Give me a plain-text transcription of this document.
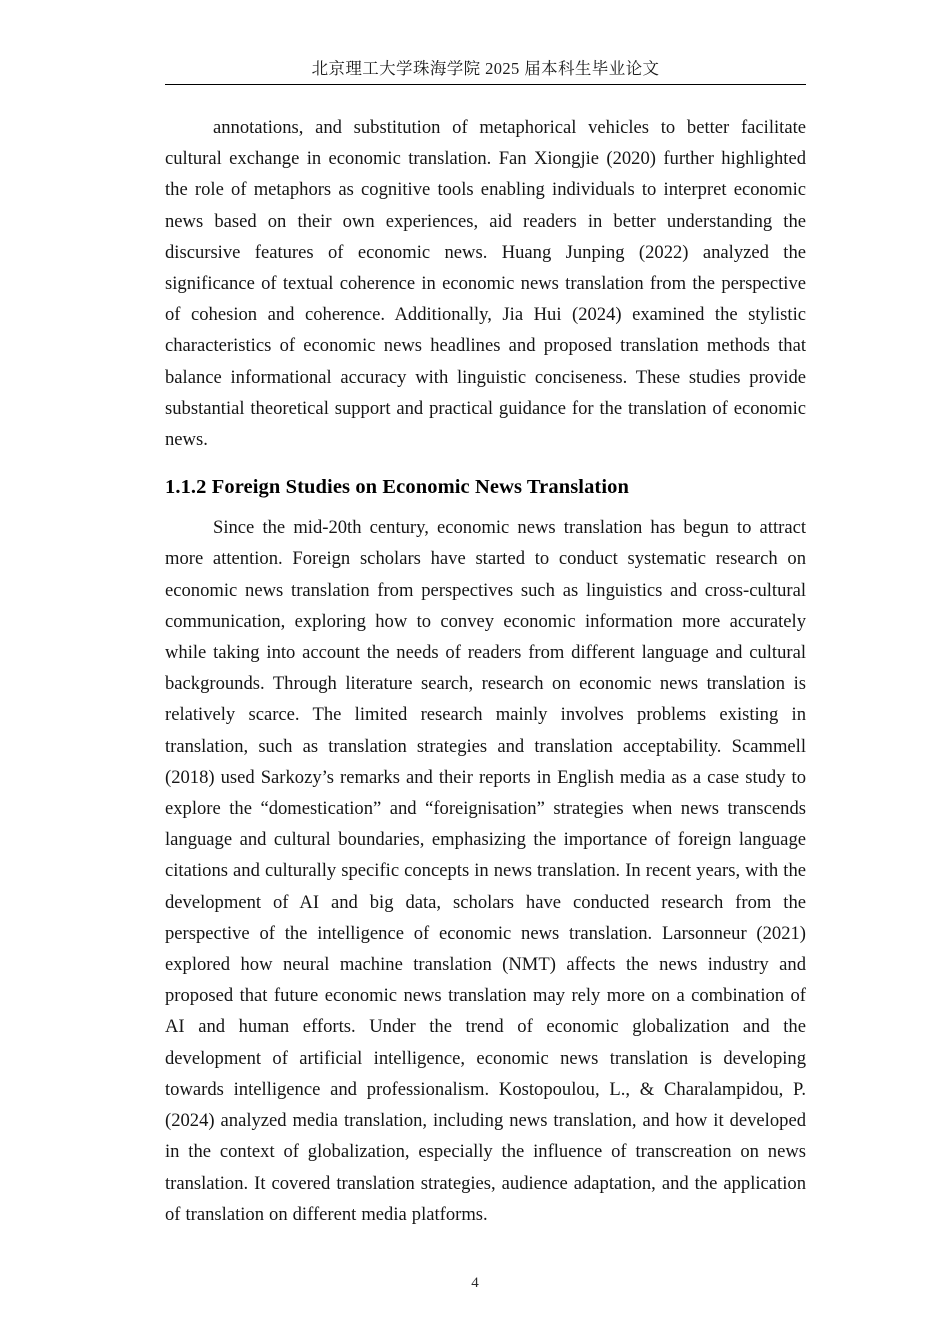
北京理工大学珠海学院 2025 届本科生毕业论文

annotations, and substitution of metaphorical vehicles to better facilitate cultural exchange in economic translation. Fan Xiongjie (2020) further highlighted the role of metaphors as cognitive tools enabling individuals to interpret economic news based on their own experiences, aid readers in better understanding the discursive features of economic news. Huang Junping (2022) analyzed the significance of textual coherence in economic news translation from the perspective of cohesion and coherence. Additionally, Jia Hui (2024) examined the stylistic characteristics of economic news headlines and proposed translation methods that balance informational accuracy with linguistic conciseness. These studies provide substantial theoretical support and practical guidance for the translation of economic news.

1.1.2 Foreign Studies on Economic News Translation

Since the mid-20th century, economic news translation has begun to attract more attention. Foreign scholars have started to conduct systematic research on economic news translation from perspectives such as linguistics and cross-cultural communication, exploring how to convey economic information more accurately while taking into account the needs of readers from different language and cultural backgrounds. Through literature search, research on economic news translation is relatively scarce. The limited research mainly involves problems existing in translation, such as translation strategies and translation acceptability. Scammell (2018) used Sarkozy’s remarks and their reports in English media as a case study to explore the “domestication” and “foreignisation” strategies when news transcends language and cultural boundaries, emphasizing the importance of foreign language citations and culturally specific concepts in news translation. In recent years, with the development of AI and big data, scholars have conducted research from the perspective of the intelligence of economic news translation. Larsonneur (2021) explored how neural machine translation (NMT) affects the news industry and proposed that future economic news translation may rely more on a combination of AI and human efforts. Under the trend of economic globalization and the development of artificial intelligence, economic news translation is developing towards intelligence and professionalism. Kostopoulou, L., & Charalampidou, P. (2024) analyzed media translation, including news translation, and how it developed in the context of globalization, especially the influence of transcreation on news translation. It covered translation strategies, audience adaptation, and the application of translation on different media platforms.

4
